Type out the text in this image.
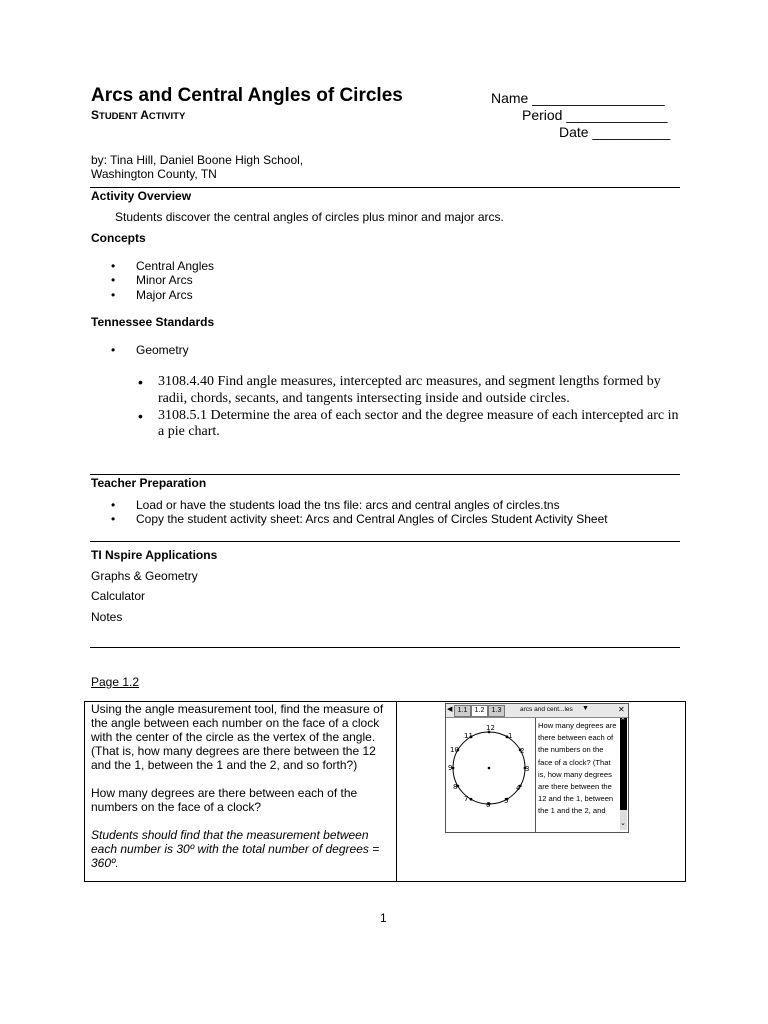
Arcs and Central Angles of Circles
STUDENT ACTIVITY
Name _________________
Period _____________
Date __________
by: Tina Hill, Daniel Boone High School,
Washington County, TN
Activity Overview
Students discover the central angles of circles plus minor and major arcs.
Concepts
• Central Angles
• Minor Arcs
• Major Arcs
Tennessee Standards
• Geometry
• 3108.4.40 Find angle measures, intercepted arc measures, and segment lengths formed by radii, chords, secants, and tangents intersecting inside and outside circles.
• 3108.5.1 Determine the area of each sector and the degree measure of each intercepted arc in a pie chart.
Teacher Preparation
• Load or have the students load the tns file: arcs and central angles of circles.tns
• Copy the student activity sheet: Arcs and Central Angles of Circles Student Activity Sheet
TI Nspire Applications
Graphs & Geometry
Calculator
Notes
Page 1.2

Using the angle measurement tool, find the measure of the angle between each number on the face of a clock with the center of the circle as the vertex of the angle. (That is, how many degrees are there between the 12 and the 1, between the 1 and the 2, and so forth?)

How many degrees are there between each of the numbers on the face of a clock?

Students should find that the measurement between each number is 30º with the total number of degrees = 360º.

◀ 1.1	1.2	1.3	arcs and cent...les ▼	✕
12
1
2
3
4
5
6
7
8
9
10
11
How many degrees are there between each of the numbers on the face of a clock? (That is, how many degrees are there between the 12 and the 1, between the 1 and the 2, and
⌃
⌄
1
